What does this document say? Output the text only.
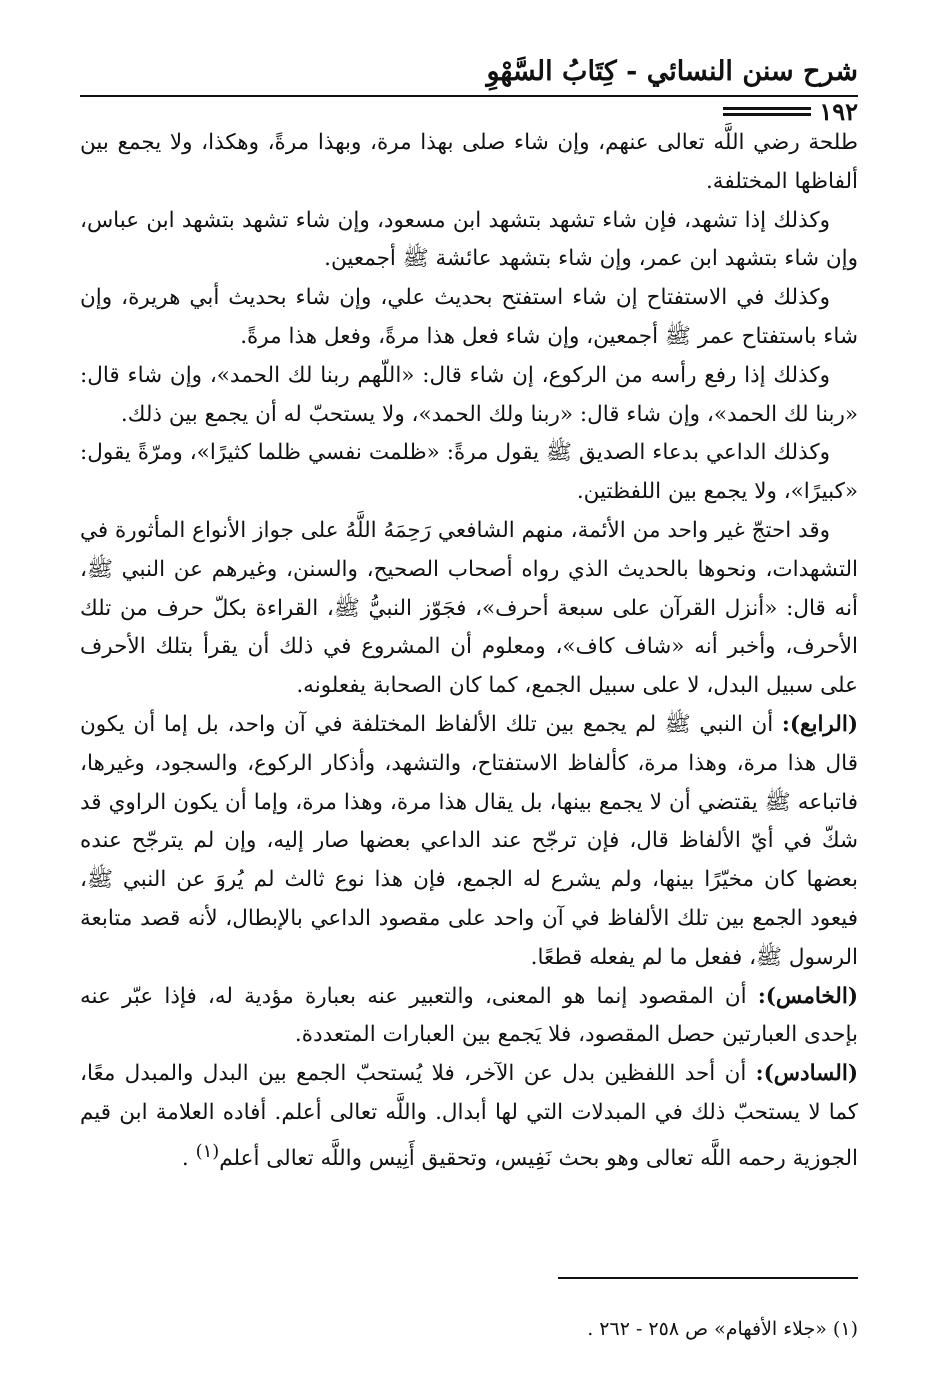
شرح سنن النسائي - كِتَابُ السَّهْوِ
١٩٢

طلحة رضي اللَّه تعالى عنهم، وإن شاء صلى بهذا مرة، وبهذا مرةً، وهكذا، ولا يجمع بين ألفاظها المختلفة.

وكذلك إذا تشهد، فإن شاء تشهد بتشهد ابن مسعود، وإن شاء تشهد بتشهد ابن عباس، وإن شاء بتشهد ابن عمر، وإن شاء بتشهد عائشة ﷺ أجمعين.

وكذلك في الاستفتاح إن شاء استفتح بحديث علي، وإن شاء بحديث أبي هريرة، وإن شاء باستفتاح عمر ﷺ أجمعين، وإن شاء فعل هذا مرةً، وفعل هذا مرةً.

وكذلك إذا رفع رأسه من الركوع، إن شاء قال: «اللّهم ربنا لك الحمد»، وإن شاء قال: «ربنا لك الحمد»، وإن شاء قال: «ربنا ولك الحمد»، ولا يستحبّ له أن يجمع بين ذلك.

وكذلك الداعي بدعاء الصديق ﷺ يقول مرةً: «ظلمت نفسي ظلما كثيرًا»، ومرّةً يقول: «كبيرًا»، ولا يجمع بين اللفظتين.

وقد احتجّ غير واحد من الأئمة، منهم الشافعي رَحِمَهُ اللَّهُ على جواز الأنواع المأثورة في التشهدات، ونحوها بالحديث الذي رواه أصحاب الصحيح، والسنن، وغيرهم عن النبي ﷺ، أنه قال: «أنزل القرآن على سبعة أحرف»، فجَوّز النبيُّ ﷺ، القراءة بكلّ حرف من تلك الأحرف، وأخبر أنه «شاف كاف»، ومعلوم أن المشروع في ذلك أن يقرأ بتلك الأحرف على سبيل البدل، لا على سبيل الجمع، كما كان الصحابة يفعلونه.

(الرابع): أن النبي ﷺ لم يجمع بين تلك الألفاظ المختلفة في آن واحد، بل إما أن يكون قال هذا مرة، وهذا مرة، كألفاظ الاستفتاح، والتشهد، وأذكار الركوع، والسجود، وغيرها، فاتباعه ﷺ يقتضي أن لا يجمع بينها، بل يقال هذا مرة، وهذا مرة، وإما أن يكون الراوي قد شكّ في أيّ الألفاظ قال، فإن ترجّح عند الداعي بعضها صار إليه، وإن لم يترجّح عنده بعضها كان مخيّرًا بينها، ولم يشرع له الجمع، فإن هذا نوع ثالث لم يُروَ عن النبي ﷺ، فيعود الجمع بين تلك الألفاظ في آن واحد على مقصود الداعي بالإبطال، لأنه قصد متابعة الرسول ﷺ، ففعل ما لم يفعله قطعًا.

(الخامس): أن المقصود إنما هو المعنى، والتعبير عنه بعبارة مؤدية له، فإذا عبّر عنه بإحدى العبارتين حصل المقصود، فلا يَجمع بين العبارات المتعددة.

(السادس): أن أحد اللفظين بدل عن الآخر، فلا يُستحبّ الجمع بين البدل والمبدل معًا، كما لا يستحبّ ذلك في المبدلات التي لها أبدال. واللَّه تعالى أعلم. أفاده العلامة ابن قيم الجوزية رحمه اللَّه تعالى وهو بحث نَفِيس، وتحقيق أَنِيس واللَّه تعالى أعلم$^{(١)}$ .

(١) «جلاء الأفهام» ص ٢٥٨ - ٢٦٢ .
